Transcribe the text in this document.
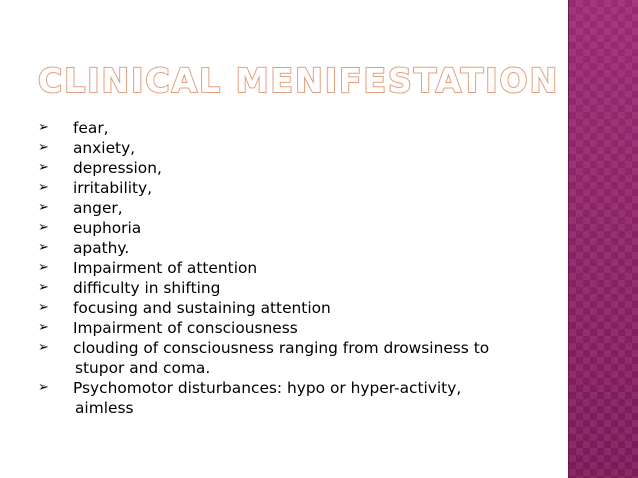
CLINICAL MENIFESTATION
➢ fear,
➢ anxiety,
➢ depression,
➢ irritability,
➢ anger,
➢ euphoria
➢ apathy.
➢ Impairment of attention
➢ difficulty in shifting
➢ focusing and sustaining attention
➢ Impairment of consciousness
➢ clouding of consciousness ranging from drowsiness to
stupor and coma.
➢ Psychomotor disturbances: hypo or hyper-activity,
aimless
